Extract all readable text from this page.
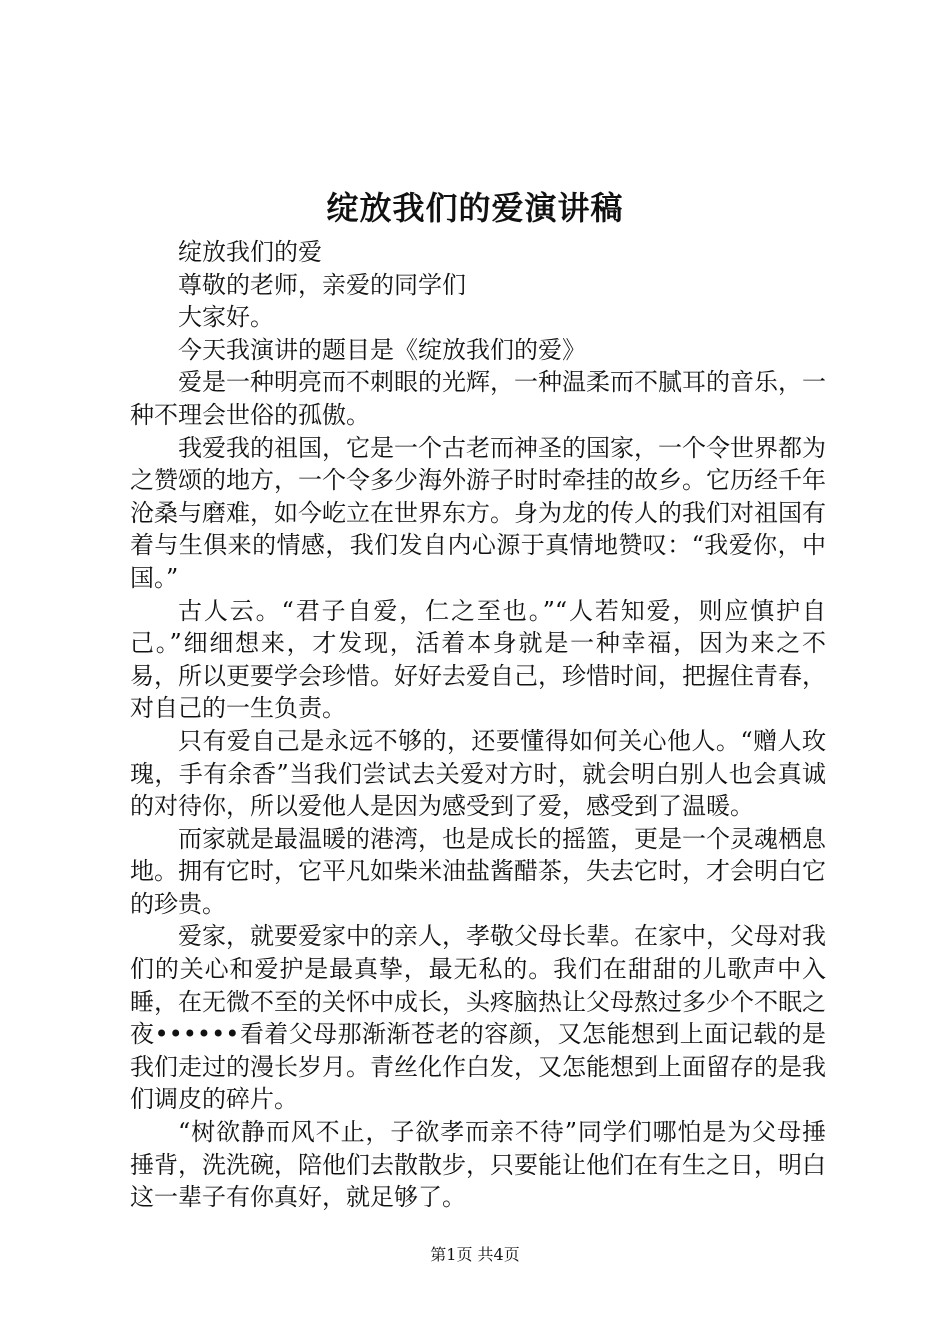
绽放我们的爱演讲稿

绽放我们的爱

尊敬的老师，亲爱的同学们

大家好。

今天我演讲的题目是《绽放我们的爱》

爱是一种明亮而不刺眼的光辉，一种温柔而不腻耳的音乐，一种不理会世俗的孤傲。

我爱我的祖国，它是一个古老而神圣的国家，一个令世界都为之赞颂的地方，一个令多少海外游子时时牵挂的故乡。它历经千年沧桑与磨难，如今屹立在世界东方。身为龙的传人的我们对祖国有着与生俱来的情感，我们发自内心源于真情地赞叹：“我爱你，中国。”

古人云。“君子自爱，仁之至也。”“人若知爱，则应慎护自己。”细细想来，才发现，活着本身就是一种幸福，因为来之不易，所以更要学会珍惜。好好去爱自己，珍惜时间，把握住青春，对自己的一生负责。

只有爱自己是永远不够的，还要懂得如何关心他人。“赠人玫瑰，手有余香”当我们尝试去关爱对方时，就会明白别人也会真诚的对待你，所以爱他人是因为感受到了爱，感受到了温暖。

而家就是最温暖的港湾，也是成长的摇篮，更是一个灵魂栖息地。拥有它时，它平凡如柴米油盐酱醋茶，失去它时，才会明白它的珍贵。

爱家，就要爱家中的亲人，孝敬父母长辈。在家中，父母对我们的关心和爱护是最真挚，最无私的。我们在甜甜的儿歌声中入睡，在无微不至的关怀中成长，头疼脑热让父母熬过多少个不眠之夜••••••看着父母那渐渐苍老的容颜，又怎能想到上面记载的是我们走过的漫长岁月。青丝化作白发，又怎能想到上面留存的是我们调皮的碎片。

“树欲静而风不止，子欲孝而亲不待”同学们哪怕是为父母捶捶背，洗洗碗，陪他们去散散步，只要能让他们在有生之日，明白这一辈子有你真好，就足够了。

第1页 共4页
